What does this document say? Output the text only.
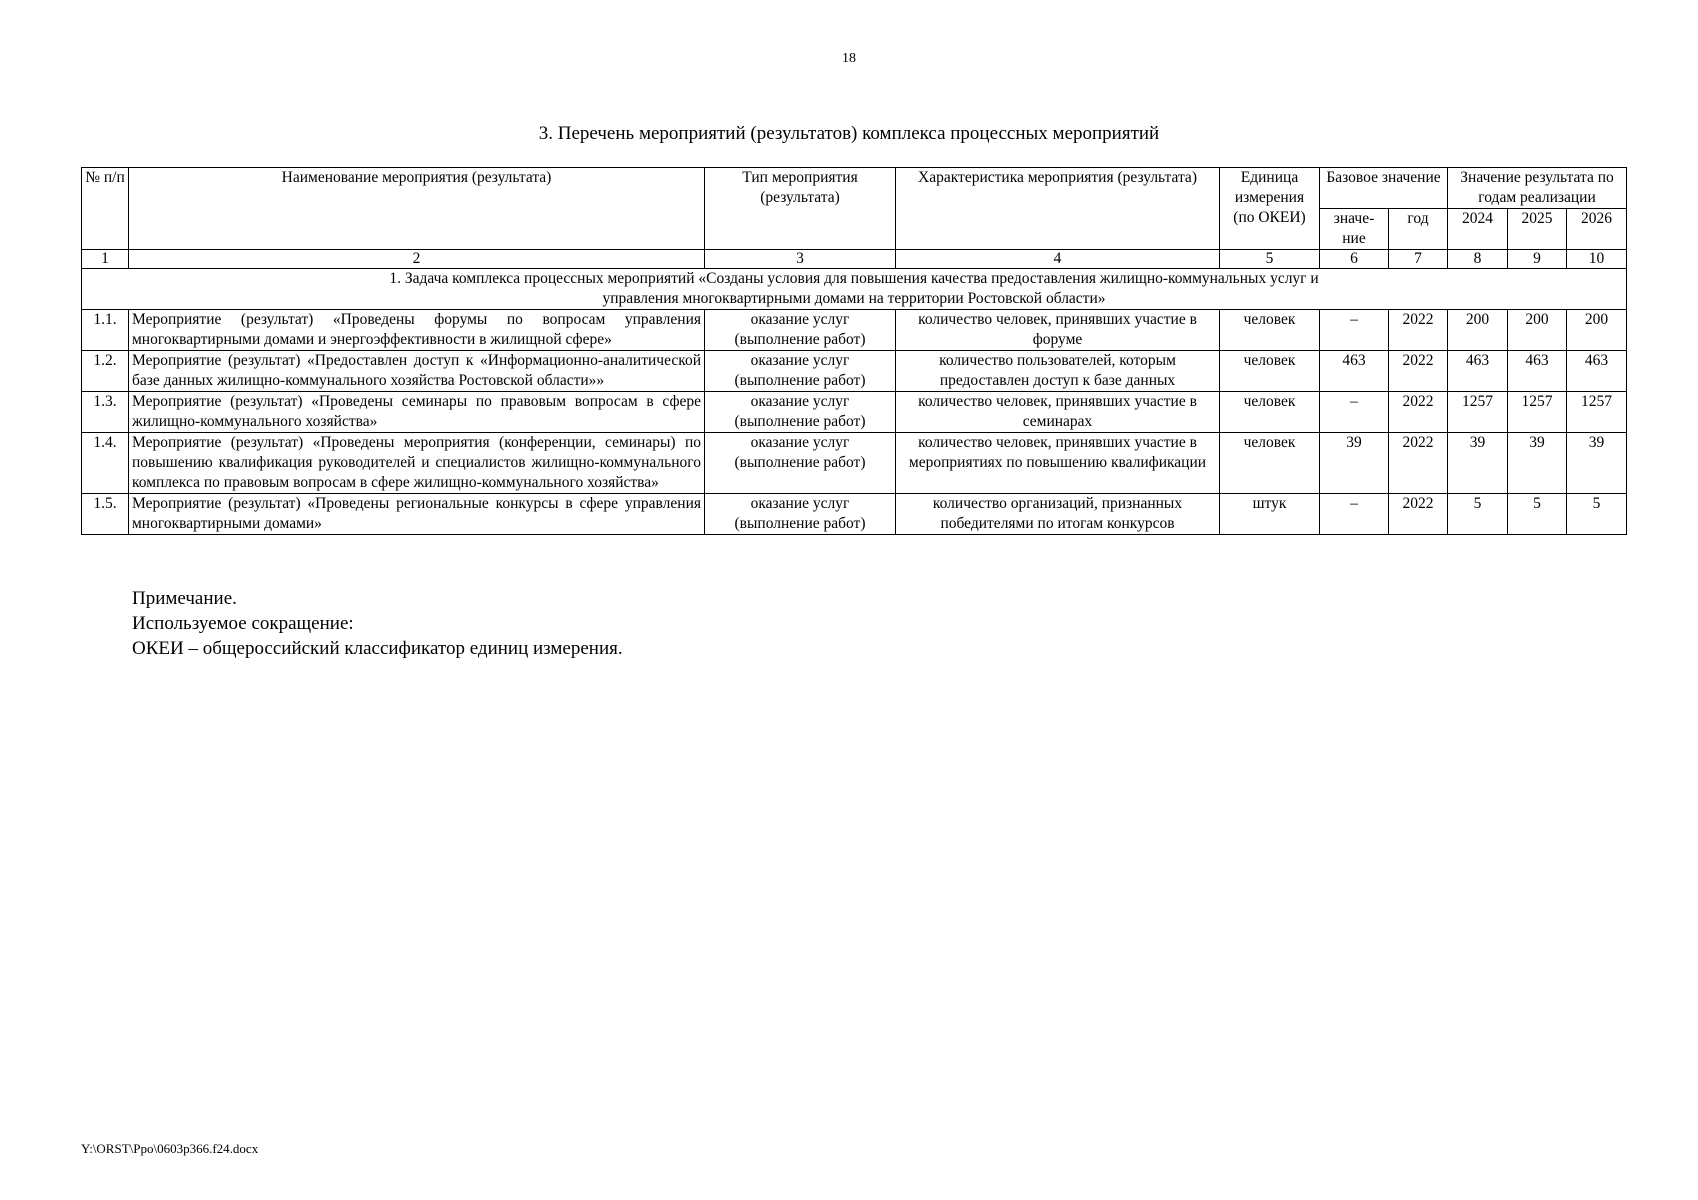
18
3. Перечень мероприятий (результатов) комплекса процессных мероприятий
№ п/п	Наименование мероприятия (результата)	Тип мероприятия (результата)	Характеристика мероприятия (результата)	Единица измерения (по ОКЕИ)	Базовое значение		Значение результата по годам реализации		
					значе-ние	год	2024	2025	2026
1	2	3	4	5	6	7	8	9	10
1. Задача комплекса процессных мероприятий «Созданы условия для повышения качества предоставления жилищно-коммунальных услуг и управления многоквартирными домами на территории Ростовской области»									
1.1.	Мероприятие (результат) «Проведены форумы по вопросам управления многоквартирными домами и энергоэффективности в жилищной сфере»	оказание услуг (выполнение работ)	количество человек, принявших участие в форуме	человек	–	2022	200	200	200
1.2.	Мероприятие (результат) «Предоставлен доступ к «Информационно-аналитической базе данных жилищно-коммунального хозяйства Ростовской области»»	оказание услуг (выполнение работ)	количество пользователей, которым предоставлен доступ к базе данных	человек	463	2022	463	463	463
1.3.	Мероприятие (результат) «Проведены семинары по правовым вопросам в сфере жилищно-коммунального хозяйства»	оказание услуг (выполнение работ)	количество человек, принявших участие в семинарах	человек	–	2022	1257	1257	1257
1.4.	Мероприятие (результат) «Проведены мероприятия (конференции, семинары) по повышению квалификация руководителей и специалистов жилищно-коммунального комплекса по правовым вопросам в сфере жилищно-коммунального хозяйства»	оказание услуг (выполнение работ)	количество человек, принявших участие в мероприятиях по повышению квалификации	человек	39	2022	39	39	39
1.5.	Мероприятие (результат) «Проведены региональные конкурсы в сфере управления многоквартирными домами»	оказание услуг (выполнение работ)	количество организаций, признанных победителями по итогам конкурсов	штук	–	2022	5	5	5
Примечание.
Используемое сокращение:
ОКЕИ – общероссийский классификатор единиц измерения.
Y:\ORST\Ppo\0603p366.f24.docx
